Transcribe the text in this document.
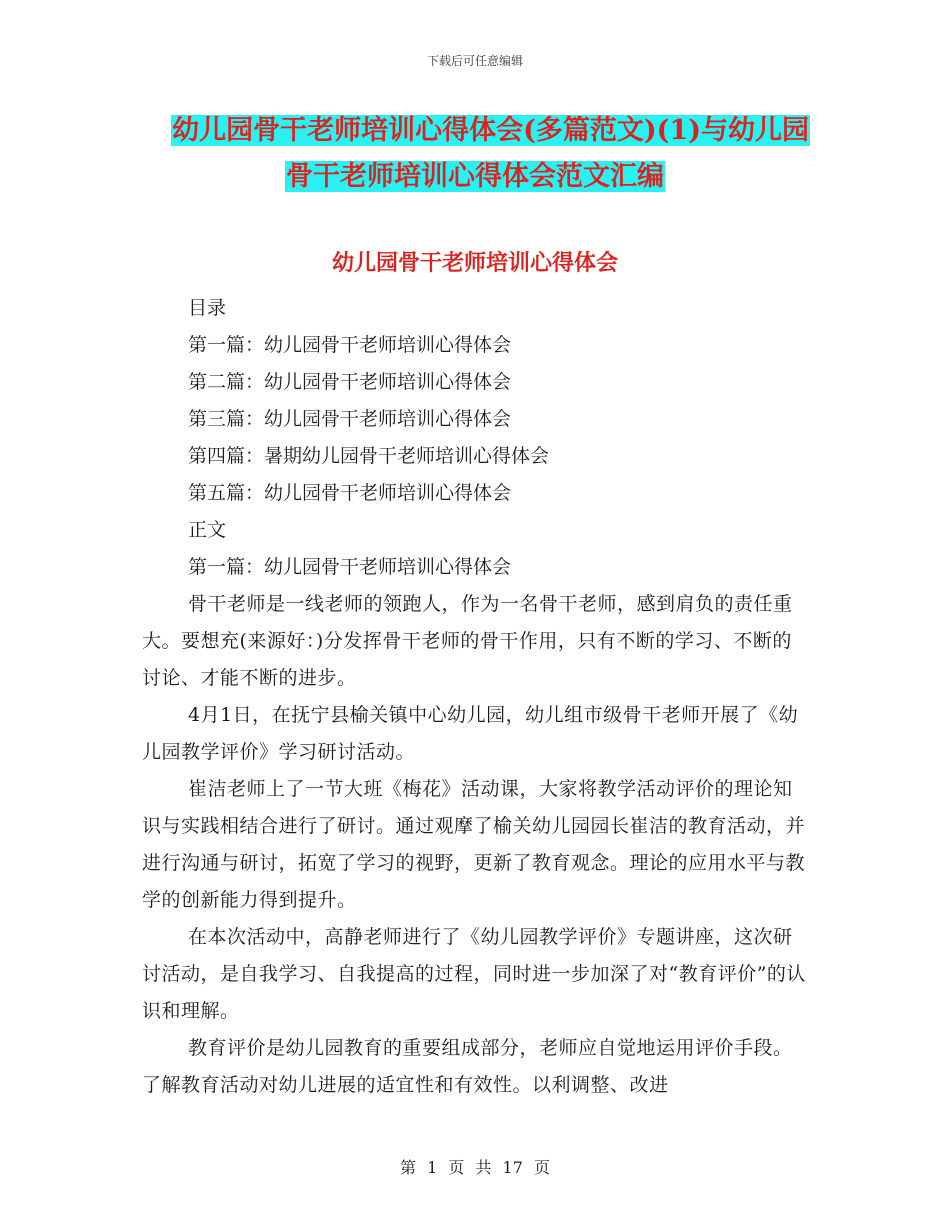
下载后可任意编辑
幼儿园骨干老师培训心得体会(多篇范文)(1)与幼儿园
骨干老师培训心得体会范文汇编
幼儿园骨干老师培训心得体会
目录
第一篇：幼儿园骨干老师培训心得体会
第二篇：幼儿园骨干老师培训心得体会
第三篇：幼儿园骨干老师培训心得体会
第四篇：暑期幼儿园骨干老师培训心得体会
第五篇：幼儿园骨干老师培训心得体会
正文
第一篇：幼儿园骨干老师培训心得体会

骨干老师是一线老师的领跑人，作为一名骨干老师，感到肩负的责任重大。要想充(来源好：)分发挥骨干老师的骨干作用，只有不断的学习、不断的讨论、才能不断的进步。

4月1日，在抚宁县榆关镇中心幼儿园，幼儿组市级骨干老师开展了《幼儿园教学评价》学习研讨活动。

崔洁老师上了一节大班《梅花》活动课，大家将教学活动评价的理论知识与实践相结合进行了研讨。通过观摩了榆关幼儿园园长崔洁的教育活动，并进行沟通与研讨，拓宽了学习的视野，更新了教育观念。理论的应用水平与教学的创新能力得到提升。

在本次活动中，高静老师进行了《幼儿园教学评价》专题讲座，这次研讨活动，是自我学习、自我提高的过程，同时进一步加深了对“教育评价”的认识和理解。

教育评价是幼儿园教育的重要组成部分，老师应自觉地运用评价手段。了解教育活动对幼儿进展的适宜性和有效性。以利调整、改进

第 1 页 共 17 页
